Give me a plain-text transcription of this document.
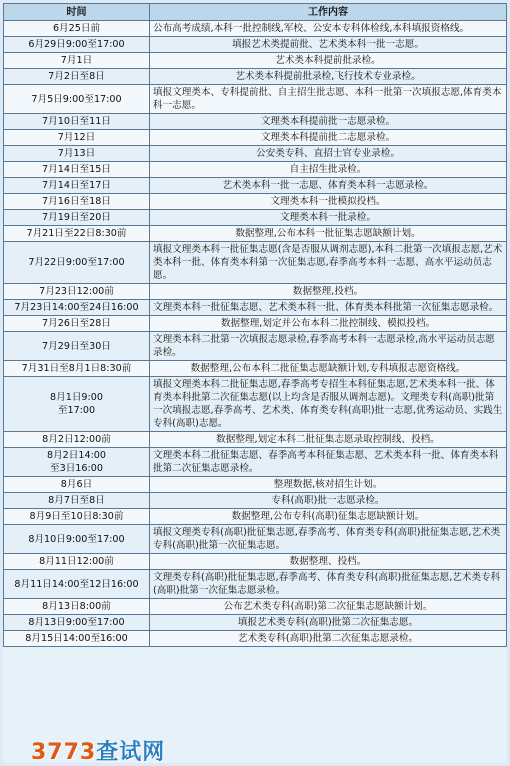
时间	工作内容
6月25日前	公布高考成绩,本科一批控制线,军校、公安本专科体检线,本科填报资格线。
6月29日9:00至17:00	填报艺术类提前批、艺术类本科一批一志愿。
7月1日	艺术类本科提前批录检。
7月2日至8日	艺术类本科提前批录检,飞行技术专业录检。
7月5日9:00至17:00	填报文理类本、专科提前批、自主招生批志愿、本科一批第一次填报志愿,体育类本科一志愿。
7月10日至11日	文理类本科提前批一志愿录检。
7月12日	文理类本科提前批二志愿录检。
7月13日	公安类专科、直招士官专业录检。
7月14日至15日	自主招生批录检。
7月14日至17日	艺术类本科一批一志愿、体育类本科一志愿录检。
7月16日至18日	文理类本科一批模拟投档。
7月19日至20日	文理类本科一批录检。
7月21日至22日8:30前	数据整理,公布本科一批征集志愿缺额计划。
7月22日9:00至17:00	填报文理类本科一批征集志愿(含是否服从调剂志愿),本科二批第一次填报志愿,艺术类本科一批、体育类本科第一次征集志愿,春季高考本科一志愿、高水平运动员志愿。
7月23日12:00前	数据整理,投档。
7月23日14:00至24日16:00	文理类本科一批征集志愿、艺术类本科一批、体育类本科批第一次征集志愿录检。
7月26日至28日	数据整理,划定并公布本科二批控制线、模拟投档。
7月29日至30日	文理类本科二批第一次填报志愿录检,春季高考本科一志愿录检,高水平运动员志愿录检。
7月31日至8月1日8:30前	数据整理,公布本科二批征集志愿缺额计划,专科填报志愿资格线。
8月1日9:00
至17:00	填报文理类本科二批征集志愿,春季高考专招生本科征集志愿,艺术类本科一批、体育类本科批第二次征集志愿(以上均含是否服从调剂志愿)。文理类专科(高职)批第一次填报志愿,春季高考、艺术类、体育类专科(高职)批一志愿,优秀运动员、实践生专科(高职)志愿。
8月2日12:00前	数据整理,划定本科二批征集志愿录取控制线、投档。
8月2日14:00
至3日16:00	文理类本科二批征集志愿、春季高考本科征集志愿、艺术类本科一批、体育类本科批第二次征集志愿录检。
8月6日	整理数据,核对招生计划。
8月7日至8日	专科(高职)批一志愿录检。
8月9日至10日8:30前	数据整理,公布专科(高职)征集志愿缺额计划。
8月10日9:00至17:00	填报文理类专科(高职)批征集志愿,春季高考、体育类专科(高职)批征集志愿,艺术类专科(高职)批第一次征集志愿。
8月11日12:00前	数据整理、投档。
8月11日14:00至12日16:00	文理类专科(高职)批征集志愿,春季高考、体育类专科(高职)批征集志愿,艺术类专科(高职)批第一次征集志愿录检。
8月13日8:00前	公布艺术类专科(高职)第二次征集志愿缺额计划。
8月13日9:00至17:00	填报艺术类专科(高职)批第二次征集志愿。
8月15日14:00至16:00	艺术类专科(高职)批第二次征集志愿录检。
3773查试网
